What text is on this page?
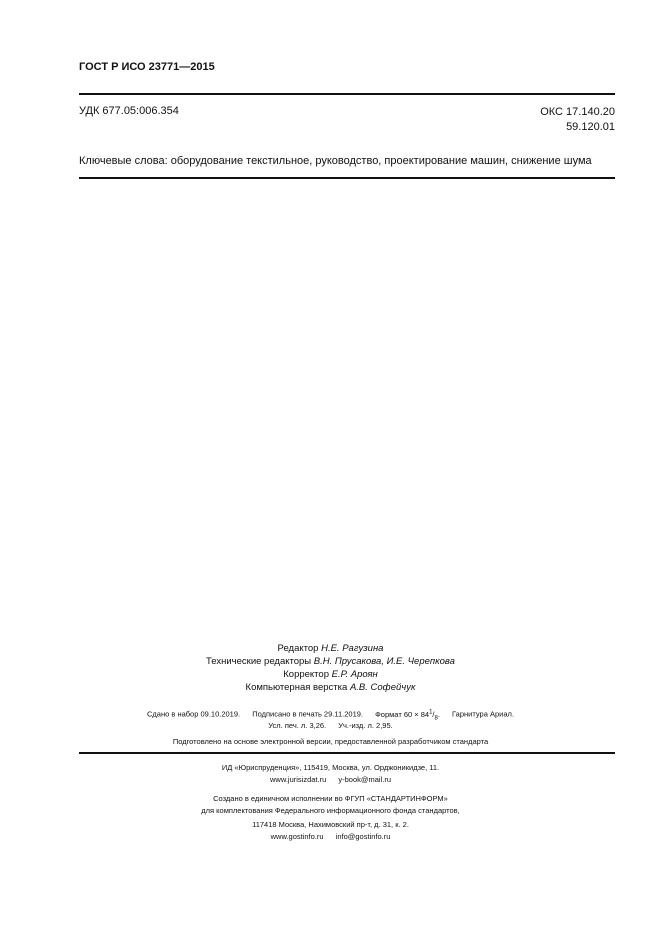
ГОСТ Р ИСО 23771—2015
УДК 677.05:006.354	ОКС 17.140.20
59.120.01
Ключевые слова: оборудование текстильное, руководство, проектирование машин, снижение шума
Редактор Н.Е. Рагузина
Технические редакторы В.Н. Прусакова, И.Е. Черепкова
Корректор Е.Р. Ароян
Компьютерная верстка А.В. Софейчук
Сдано в набор 09.10.2019. Подписано в печать 29.11.2019. Формат $60 \times 84^1/_8$. Гарнитура Ариал.
Усл. печ. л. 3,26. Уч.-изд. л. 2,95.
Подготовлено на основе электронной версии, предоставленной разработчиком стандарта
ИД «Юриспруденция», 115419, Москва, ул. Орджоникидзе, 11.
www.jurisizdat.ru y-book@mail.ru
Создано в единичном исполнении во ФГУП «СТАНДАРТИНФОРМ»
для комплектования Федерального информационного фонда стандартов,
117418 Москва, Нахимовский пр-т, д. 31, к. 2.
www.gostinfo.ru info@gostinfo.ru
